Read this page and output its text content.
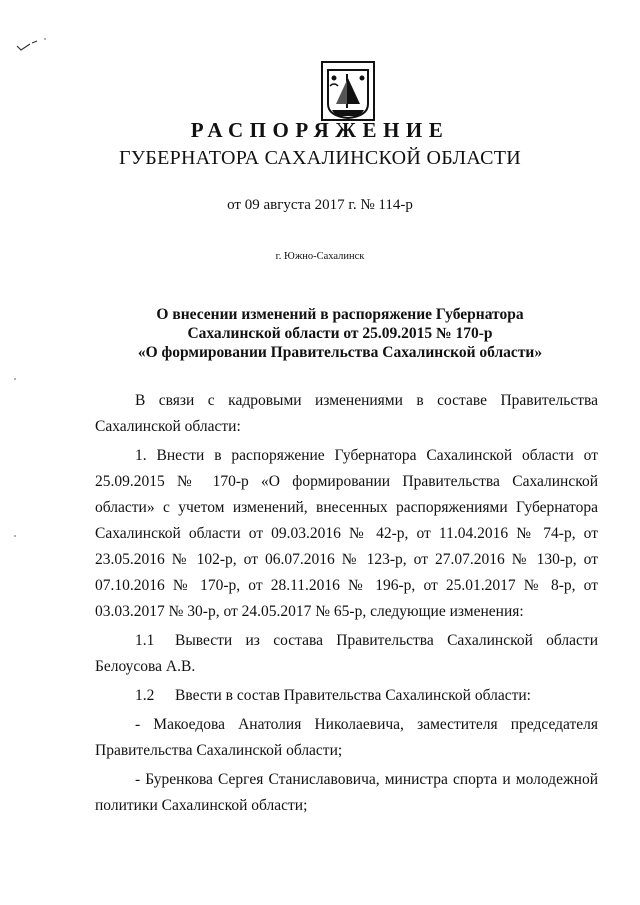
РАСПОРЯЖЕНИЕ
ГУБЕРНАТОРА САХАЛИНСКОЙ ОБЛАСТИ
от 09 августа 2017 г. № 114-р
г. Южно-Сахалинск
О внесении изменений в распоряжение Губернатора
Сахалинской области от 25.09.2015 № 170-р
«О формировании Правительства Сахалинской области»

В связи с кадровыми изменениями в составе Правительства Сахалинской области:

1. Внести в распоряжение Губернатора Сахалинской области от 25.09.2015 № 170-р «О формировании Правительства Сахалинской области» с учетом изменений, внесенных распоряжениями Губернатора Сахалинской области от 09.03.2016 № 42-р, от 11.04.2016 № 74-р, от 23.05.2016 № 102-р, от 06.07.2016 № 123-р, от 27.07.2016 № 130-р, от 07.10.2016 № 170-р, от 28.11.2016 № 196-р, от 25.01.2017 № 8-р, от 03.03.2017 № 30-р, от 24.05.2017 № 65-р, следующие изменения:

1.1	Вывести из состава Правительства Сахалинской области
Белоусова А.В.
1.2	Ввести в состав Правительства Сахалинской области:

- Макоедова Анатолия Николаевича, заместителя председателя Правительства Сахалинской области;

- Буренкова Сергея Станиславовича, министра спорта и молодежной политики Сахалинской области;
